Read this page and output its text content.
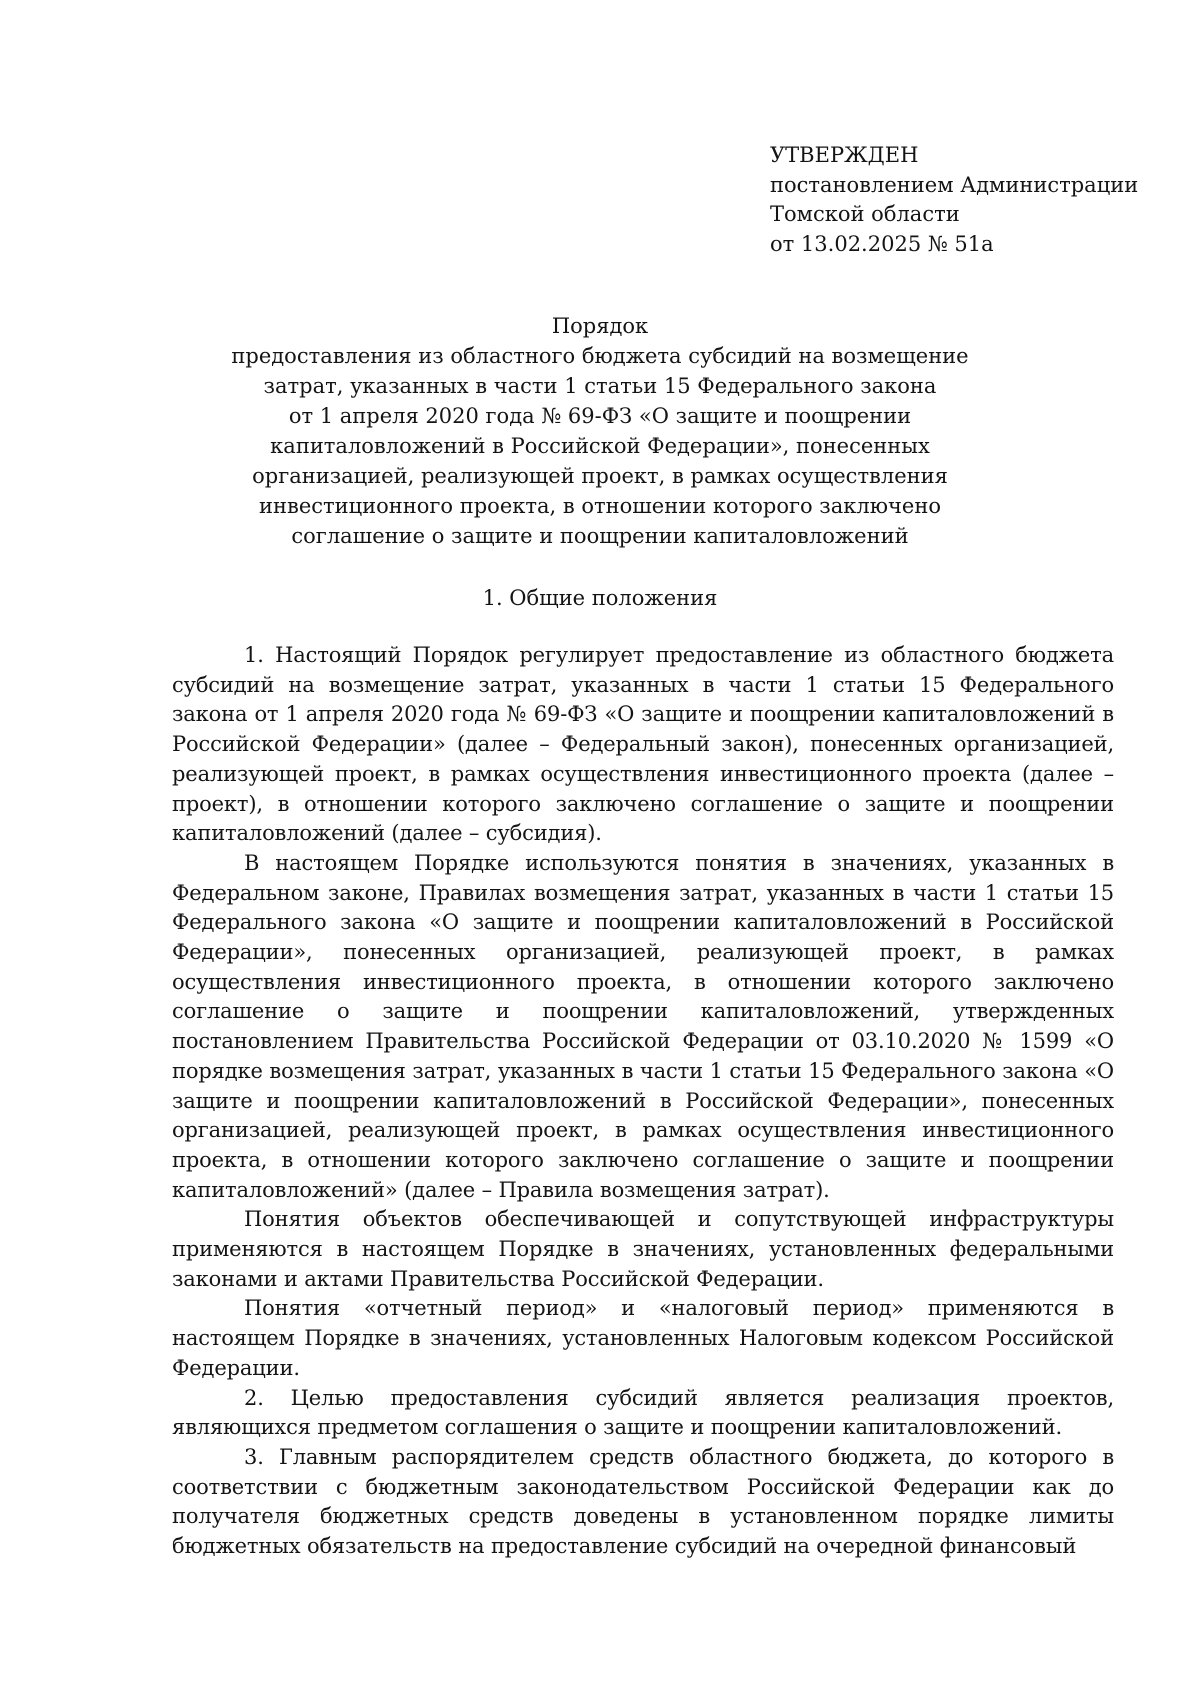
УТВЕРЖДЕН
постановлением Администрации
Томской области
от 13.02.2025 № 51а
Порядок
предоставления из областного бюджета субсидий на возмещение
затрат, указанных в части 1 статьи 15 Федерального закона
от 1 апреля 2020 года № 69-ФЗ «О защите и поощрении
капиталовложений в Российской Федерации», понесенных
организацией, реализующей проект, в рамках осуществления
инвестиционного проекта, в отношении которого заключено
соглашение о защите и поощрении капиталовложений
1. Общие положения

1. Настоящий Порядок регулирует предоставление из областного бюджета субсидий на возмещение затрат, указанных в части 1 статьи 15 Федерального закона от 1 апреля 2020 года № 69-ФЗ «О защите и поощрении капиталовложений в Российской Федерации» (далее – Федеральный закон), понесенных организацией, реализующей проект, в рамках осуществления инвестиционного проекта (далее – проект), в отношении которого заключено соглашение о защите и поощрении капиталовложений (далее – субсидия).

В настоящем Порядке используются понятия в значениях, указанных в Федеральном законе, Правилах возмещения затрат, указанных в части 1 статьи 15 Федерального закона «О защите и поощрении капиталовложений в Российской Федерации», понесенных организацией, реализующей проект, в рамках осуществления инвестиционного проекта, в отношении которого заключено соглашение о защите и поощрении капиталовложений, утвержденных постановлением Правительства Российской Федерации от 03.10.2020 № 1599 «О порядке возмещения затрат, указанных в части 1 статьи 15 Федерального закона «О защите и поощрении капиталовложений в Российской Федерации», понесенных организацией, реализующей проект, в рамках осуществления инвестиционного проекта, в отношении которого заключено соглашение о защите и поощрении капиталовложений» (далее – Правила возмещения затрат).

Понятия объектов обеспечивающей и сопутствующей инфраструктуры применяются в настоящем Порядке в значениях, установленных федеральными законами и актами Правительства Российской Федерации.

Понятия «отчетный период» и «налоговый период» применяются в настоящем Порядке в значениях, установленных Налоговым кодексом Российской Федерации.

2. Целью предоставления субсидий является реализация проектов, являющихся предметом соглашения о защите и поощрении капиталовложений.

3. Главным распорядителем средств областного бюджета, до которого в соответствии с бюджетным законодательством Российской Федерации как до получателя бюджетных средств доведены в установленном порядке лимиты бюджетных обязательств на предоставление субсидий на очередной финансовый
